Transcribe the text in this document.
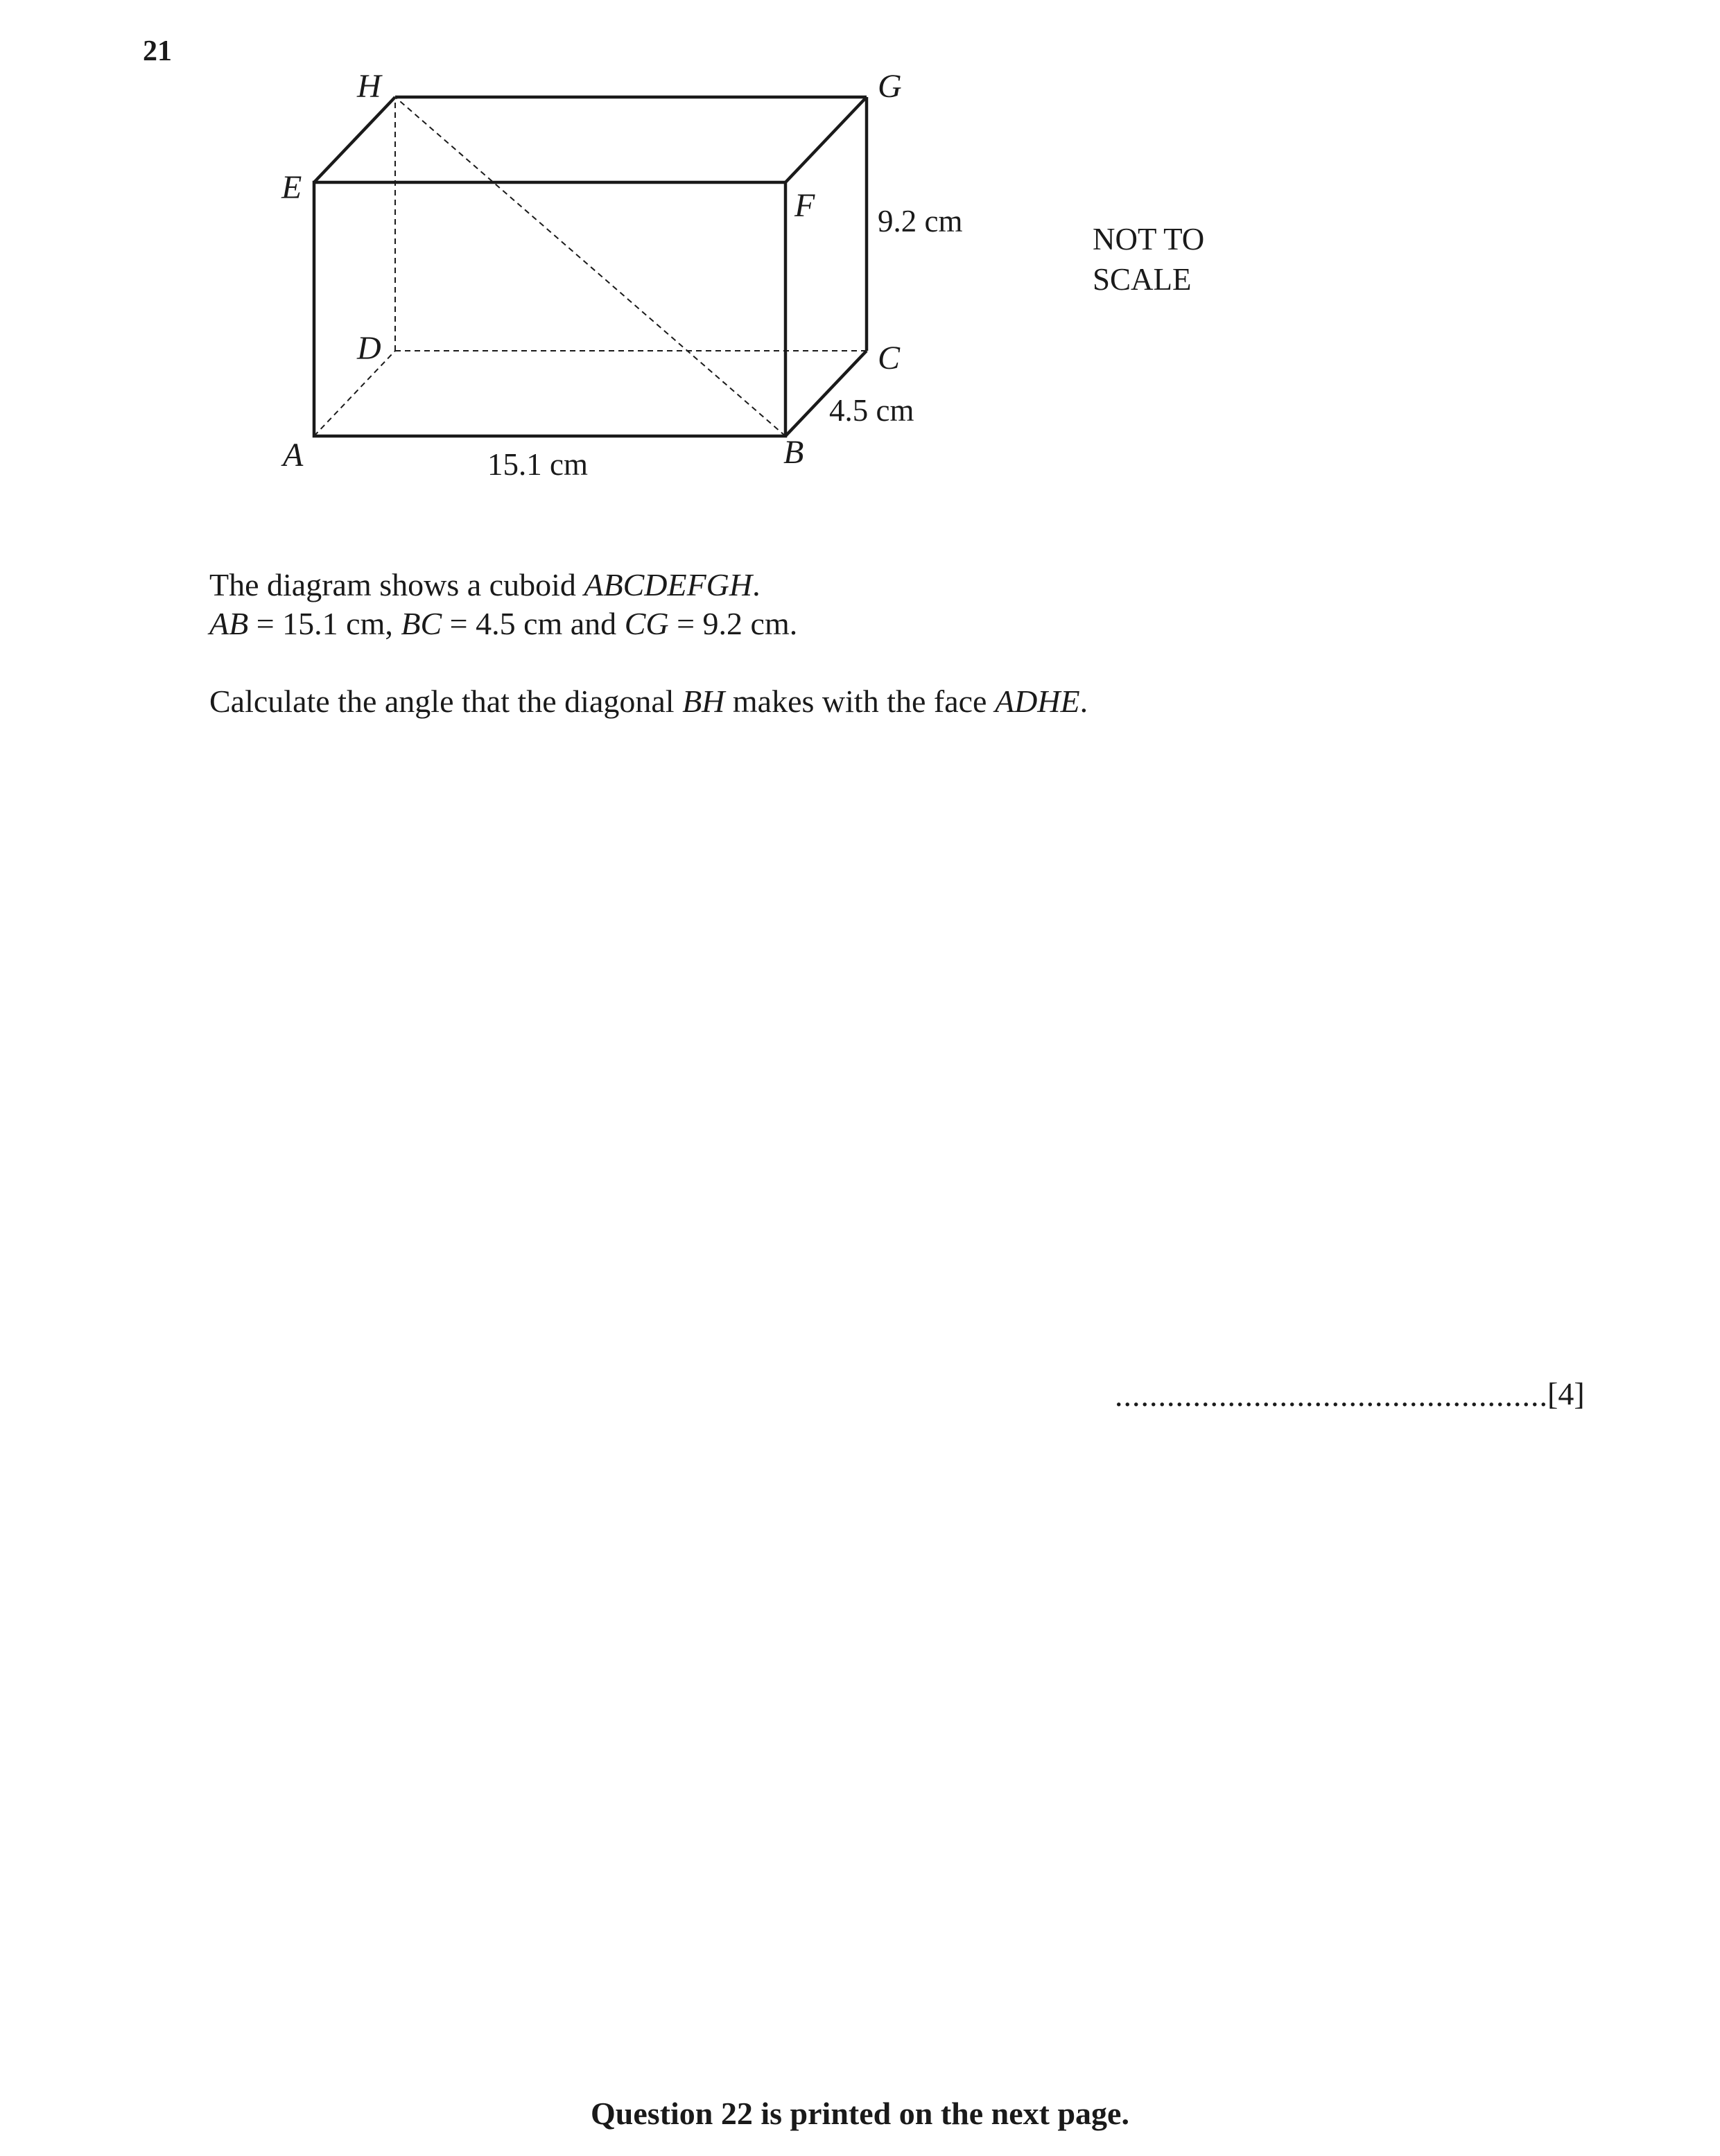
21
H	G
E	F
D	C
A	B
9.2 cm
4.5 cm
15.1 cm
NOT TO
SCALE
The diagram shows a cuboid ABCDEFGH.
AB = 15.1 cm, BC = 4.5 cm and CG = 9.2 cm.
Calculate the angle that the diagonal BH makes with the face ADHE.
.................................................. [4]
Question 22 is printed on the next page.
